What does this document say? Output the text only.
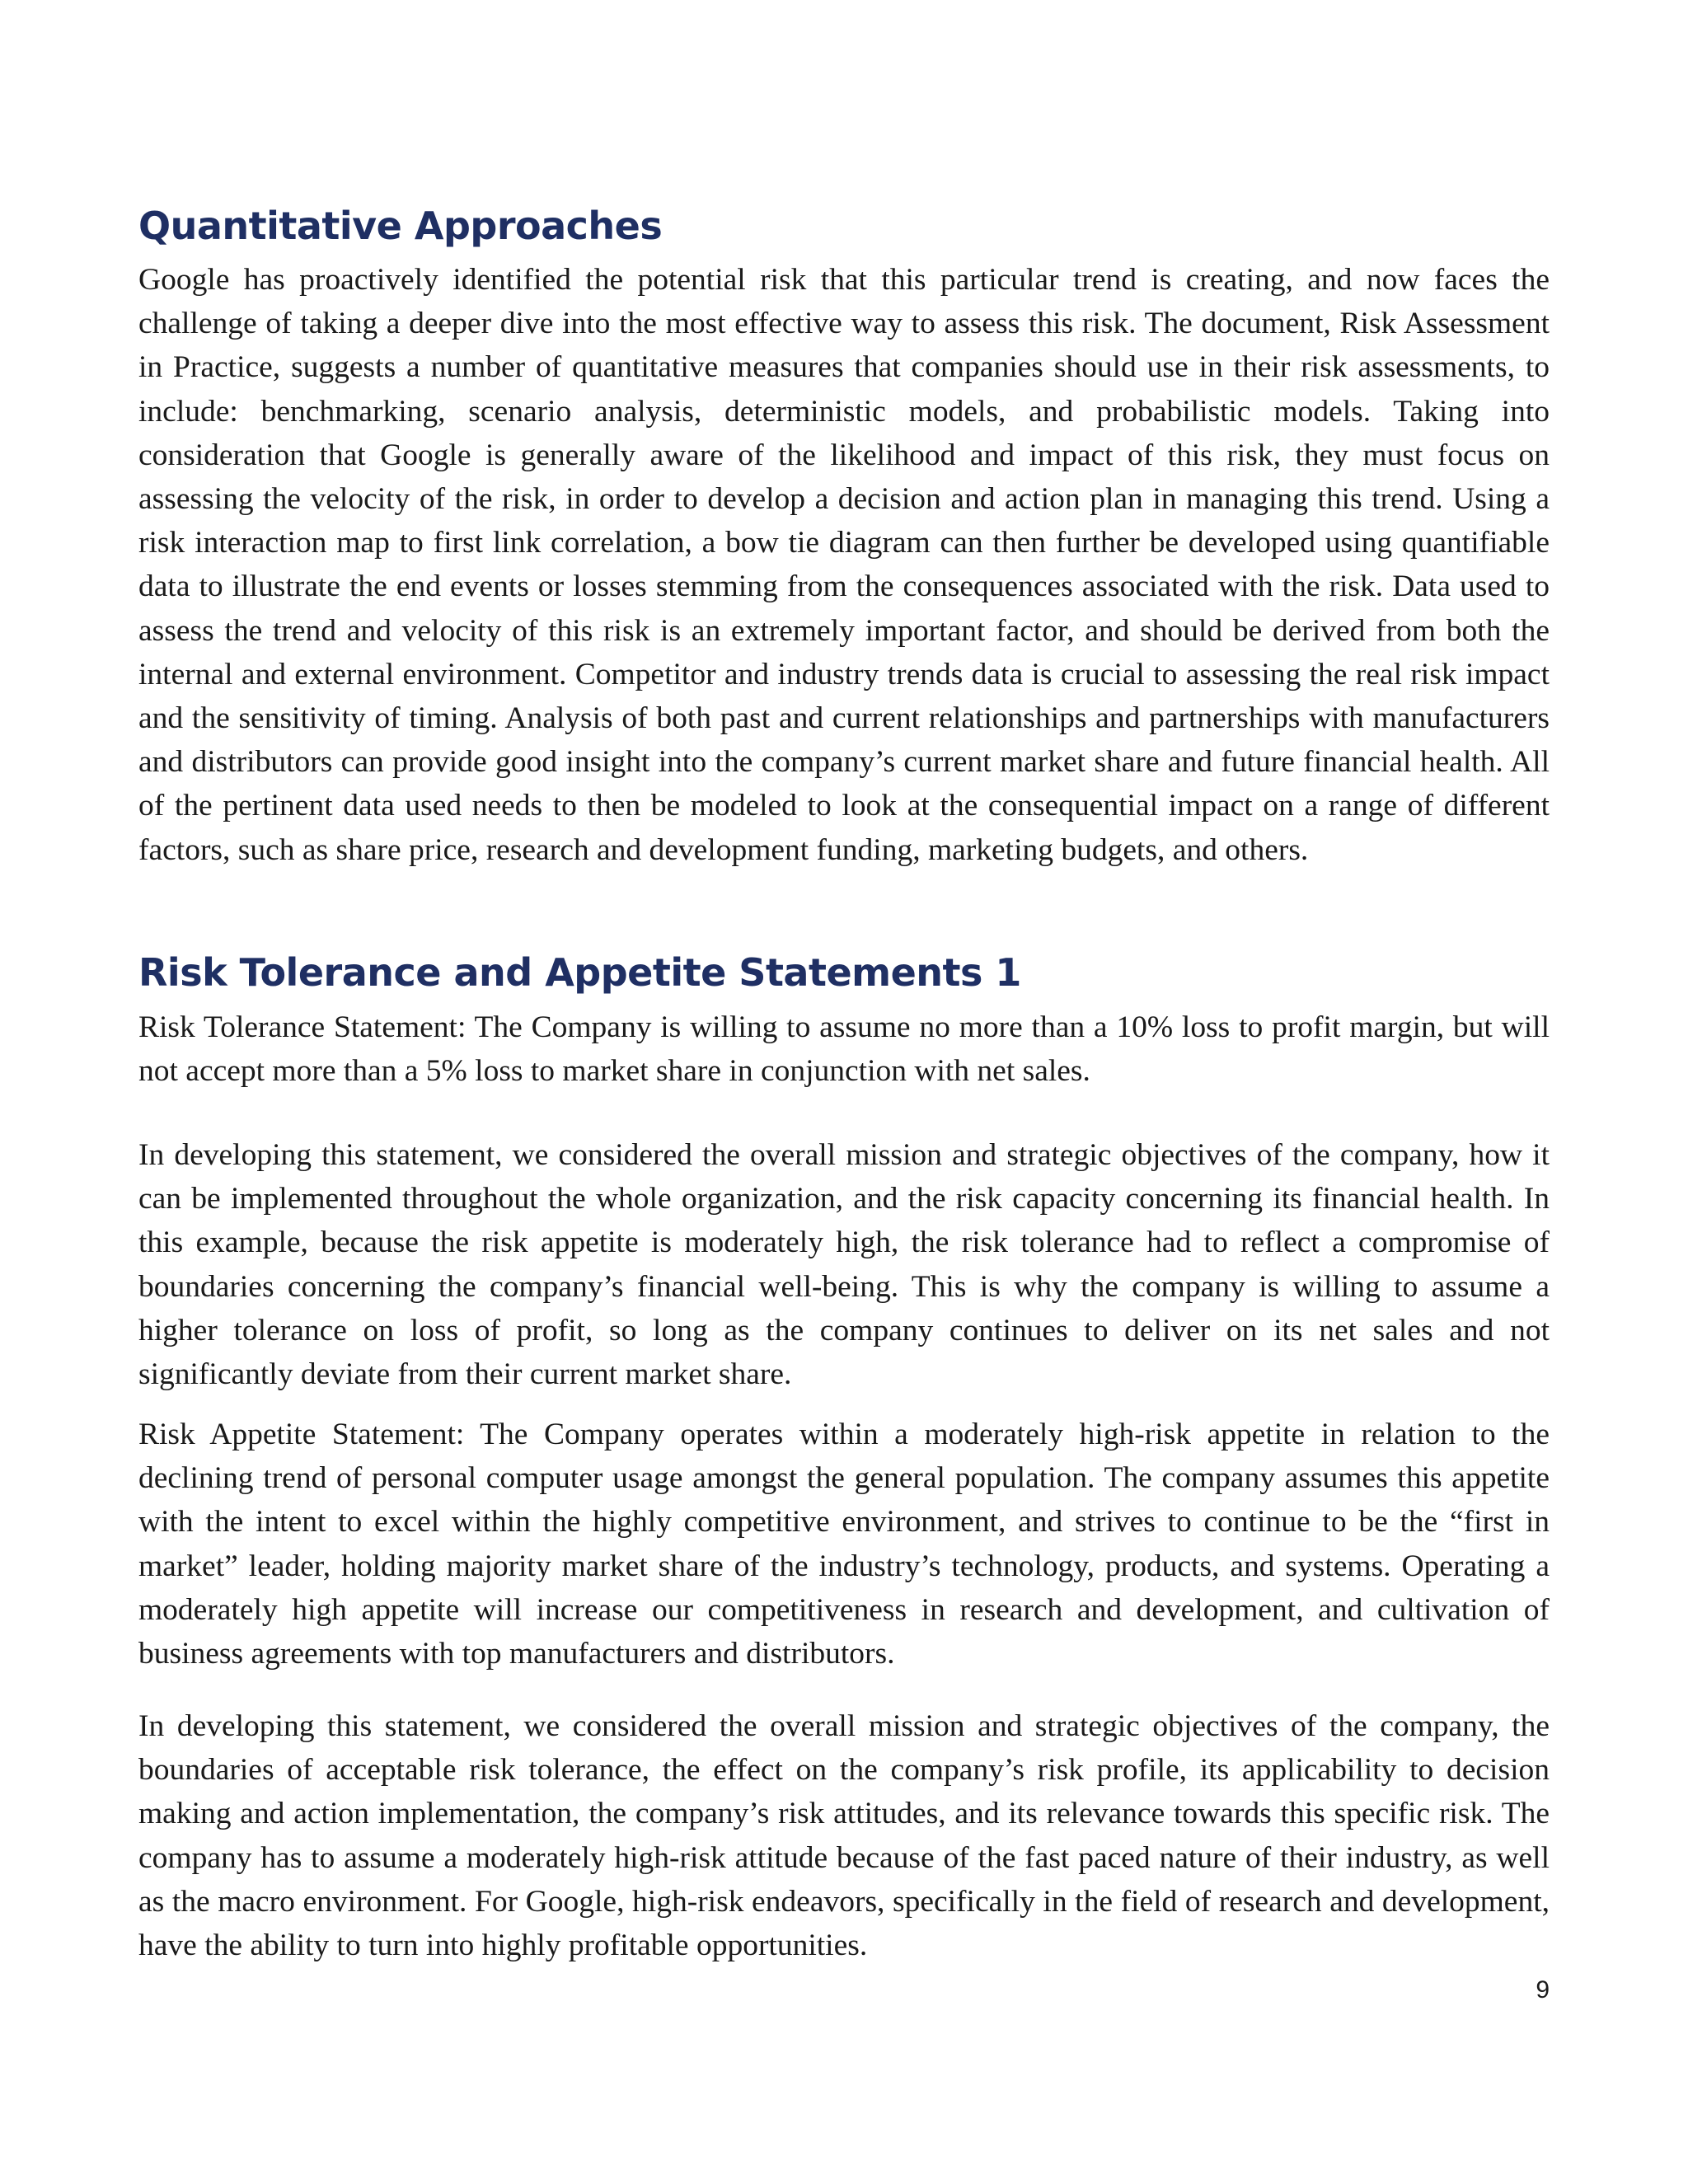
Quantitative Approaches

Google has proactively identified the potential risk that this particular trend is creating, and now faces the challenge of taking a deeper dive into the most effective way to assess this risk. The document, Risk Assessment in Practice, suggests a number of quantitative measures that companies should use in their risk assessments, to include: benchmarking, scenario analysis, deterministic models, and probabilistic models. Taking into consideration that Google is generally aware of the likelihood and impact of this risk, they must focus on assessing the velocity of the risk, in order to develop a decision and action plan in managing this trend. Using a risk interaction map to first link correlation, a bow tie diagram can then further be developed using quantifiable data to illustrate the end events or losses stemming from the consequences associated with the risk. Data used to assess the trend and velocity of this risk is an extremely important factor, and should be derived from both the internal and external environment. Competitor and industry trends data is crucial to assessing the real risk impact and the sensitivity of timing. Analysis of both past and current relationships and partnerships with manufacturers and distributors can provide good insight into the company’s current market share and future financial health. All of the pertinent data used needs to then be modeled to look at the consequential impact on a range of different factors, such as share price, research and development funding, marketing budgets, and others.

Risk Tolerance and Appetite Statements 1

Risk Tolerance Statement: The Company is willing to assume no more than a 10% loss to profit margin, but will not accept more than a 5% loss to market share in conjunction with net sales.

In developing this statement, we considered the overall mission and strategic objectives of the company, how it can be implemented throughout the whole organization, and the risk capacity concerning its financial health. In this example, because the risk appetite is moderately high, the risk tolerance had to reflect a compromise of boundaries concerning the company’s financial well-being. This is why the company is willing to assume a higher tolerance on loss of profit, so long as the company continues to deliver on its net sales and not significantly deviate from their current market share.

Risk Appetite Statement: The Company operates within a moderately high-risk appetite in relation to the declining trend of personal computer usage amongst the general population. The company assumes this appetite with the intent to excel within the highly competitive environment, and strives to continue to be the “first in market” leader, holding majority market share of the industry’s technology, products, and systems. Operating a moderately high appetite will increase our competitiveness in research and development, and cultivation of business agreements with top manufacturers and distributors.

In developing this statement, we considered the overall mission and strategic objectives of the company, the boundaries of acceptable risk tolerance, the effect on the company’s risk profile, its applicability to decision making and action implementation, the company’s risk attitudes, and its relevance towards this specific risk. The company has to assume a moderately high-risk attitude because of the fast paced nature of their industry, as well as the macro environment. For Google, high-risk endeavors, specifically in the field of research and development, have the ability to turn into highly profitable opportunities.

9
